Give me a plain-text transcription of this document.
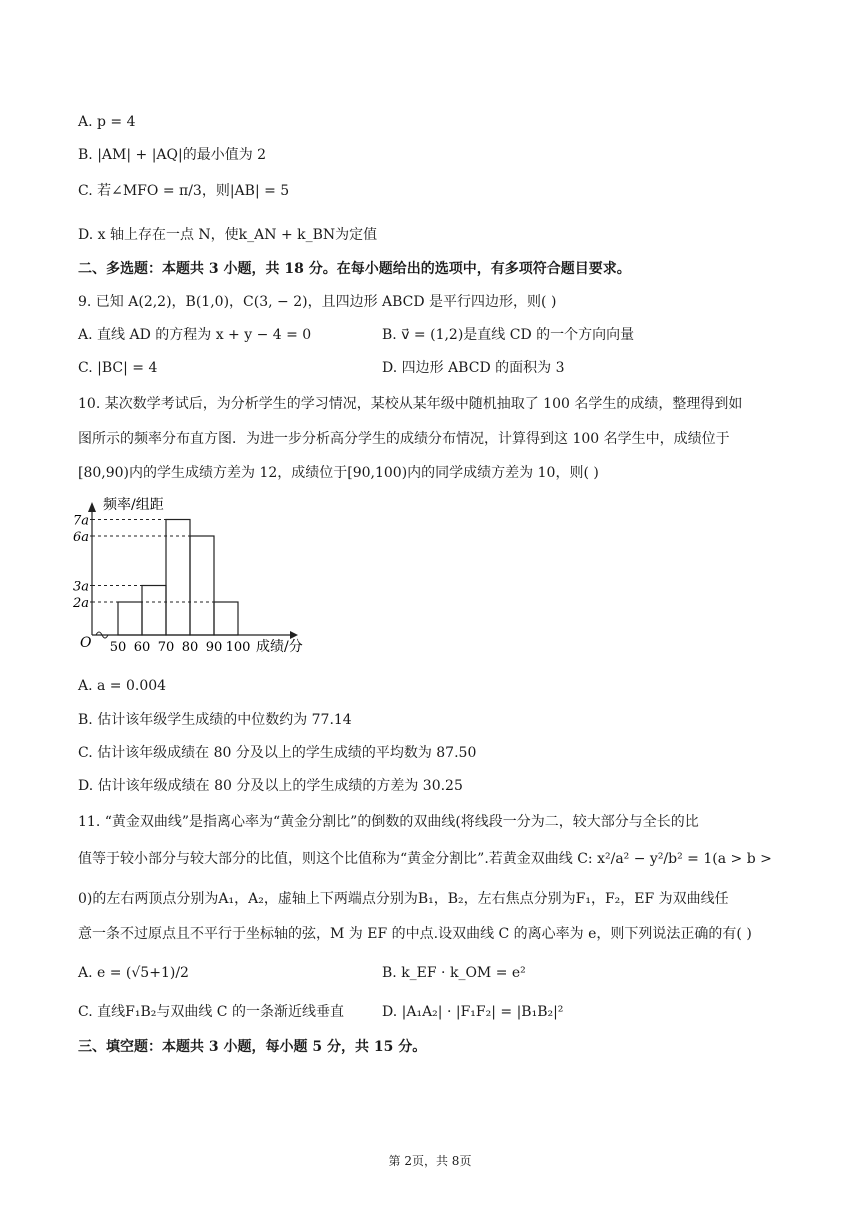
A. p = 4
B. |AM| + |AQ|的最小值为 2
C. 若∠MFO = π/3，则|AB| = 5
D. x 轴上存在一点 N，使k_AN + k_BN为定值
二、多选题：本题共 3 小题，共 18 分。在每小题给出的选项中，有多项符合题目要求。
9. 已知 A(2,2)，B(1,0)，C(3, − 2)，且四边形 ABCD 是平行四边形，则( )
A. 直线 AD 的方程为 x + y − 4 = 0	B. v⃗ = (1,2)是直线 CD 的一个方向向量
C. |BC| = 4	D. 四边形 ABCD 的面积为 3
10. 某次数学考试后，为分析学生的学习情况，某校从某年级中随机抽取了 100 名学生的成绩，整理得到如
图所示的频率分布直方图．为进一步分析高分学生的成绩分布情况，计算得到这 100 名学生中，成绩位于
[80,90)内的学生成绩方差为 12，成绩位于[90,100)内的同学成绩方差为 10，则( )
2a
3a
6a
7a
50 60 70 80 90 100
O	成绩/分
频率/组距
A. a = 0.004
B. 估计该年级学生成绩的中位数约为 77.14
C. 估计该年级成绩在 80 分及以上的学生成绩的平均数为 87.50
D. 估计该年级成绩在 80 分及以上的学生成绩的方差为 30.25
11. “黄金双曲线”是指离心率为“黄金分割比”的倒数的双曲线(将线段一分为二，较大部分与全长的比
值等于较小部分与较大部分的比值，则这个比值称为“黄金分割比”.若黄金双曲线 C: x²/a² − y²/b² = 1(a > b >
0)的左右两顶点分别为A₁，A₂，虚轴上下两端点分别为B₁，B₂，左右焦点分别为F₁，F₂，EF 为双曲线任
意一条不过原点且不平行于坐标轴的弦，M 为 EF 的中点.设双曲线 C 的离心率为 e，则下列说法正确的有( )
A. e = (√5+1)/2	B. k_EF · k_OM = e²
C. 直线F₁B₂与双曲线 C 的一条渐近线垂直	D. |A₁A₂| · |F₁F₂| = |B₁B₂|²
三、填空题：本题共 3 小题，每小题 5 分，共 15 分。
第 2页，共 8页
